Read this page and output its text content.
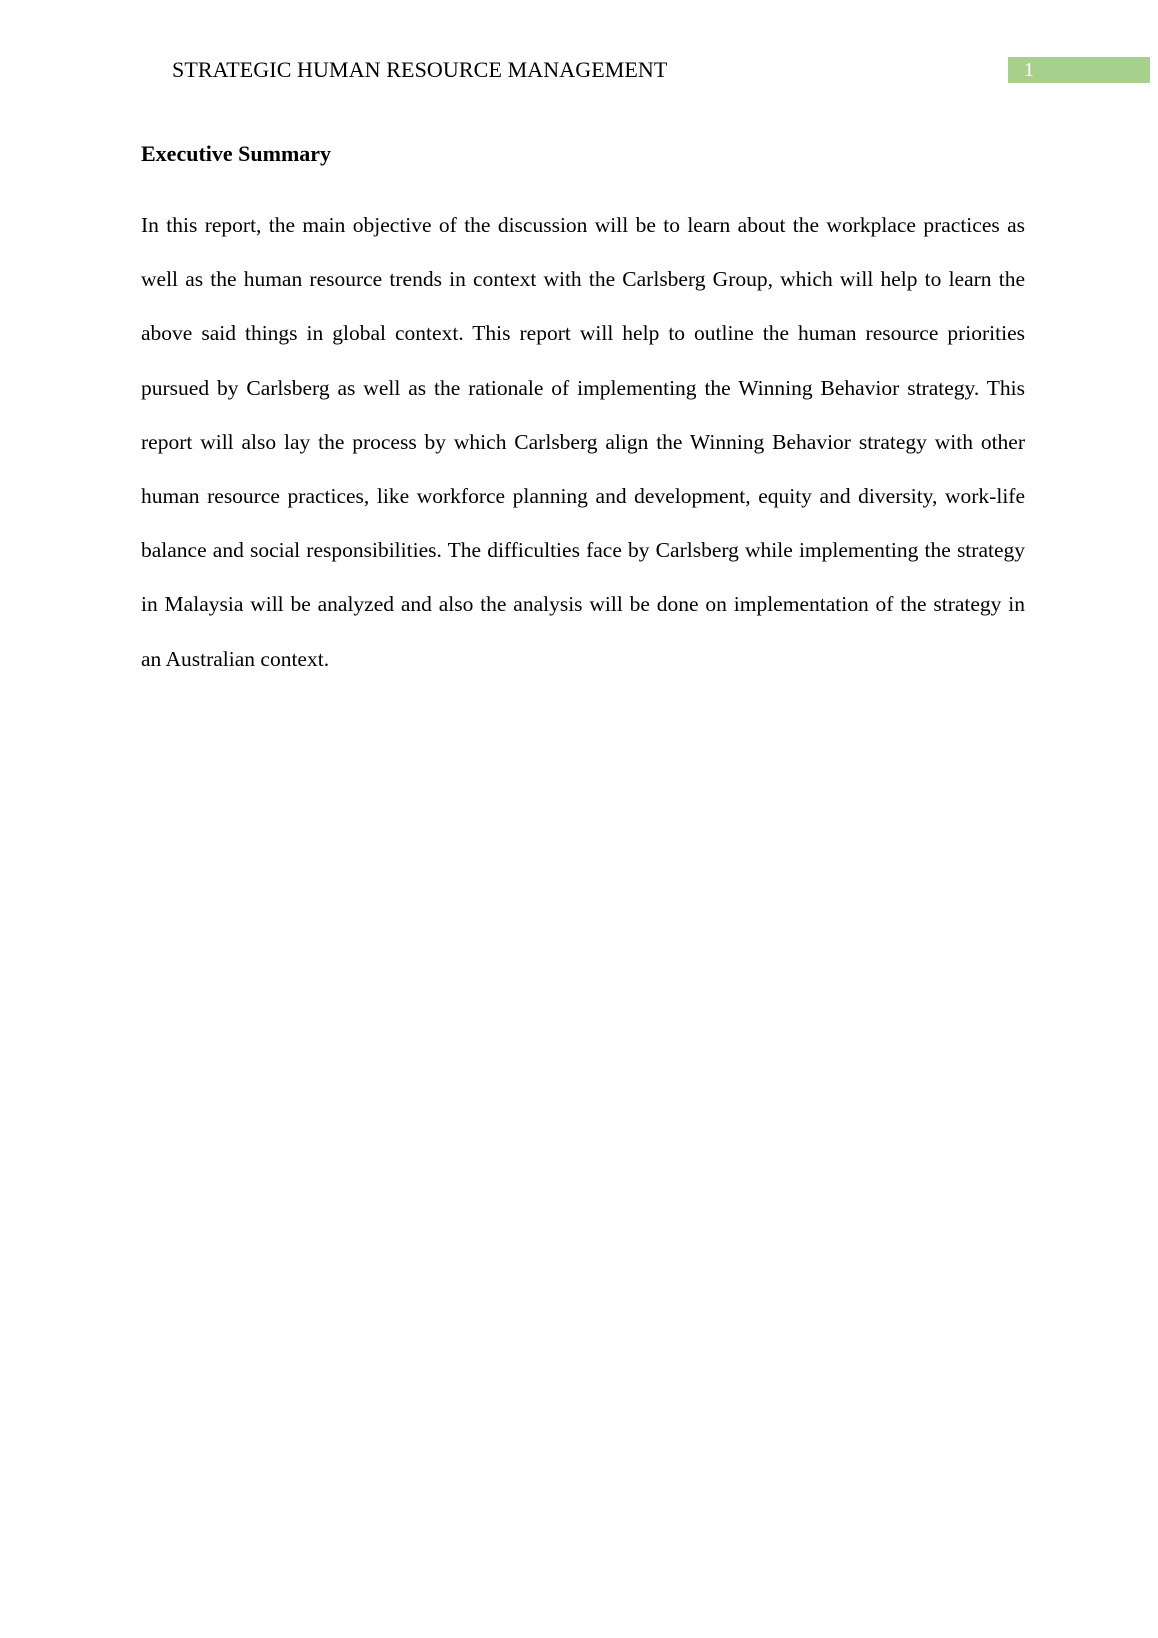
STRATEGIC HUMAN RESOURCE MANAGEMENT	1
Executive Summary

In this report, the main objective of the discussion will be to learn about the workplace practices as well as the human resource trends in context with the Carlsberg Group, which will help to learn the above said things in global context. This report will help to outline the human resource priorities pursued by Carlsberg as well as the rationale of implementing the Winning Behavior strategy. This report will also lay the process by which Carlsberg align the Winning Behavior strategy with other human resource practices, like workforce planning and development, equity and diversity, work-life balance and social responsibilities. The difficulties face by Carlsberg while implementing the strategy in Malaysia will be analyzed and also the analysis will be done on implementation of the strategy in an Australian context.
